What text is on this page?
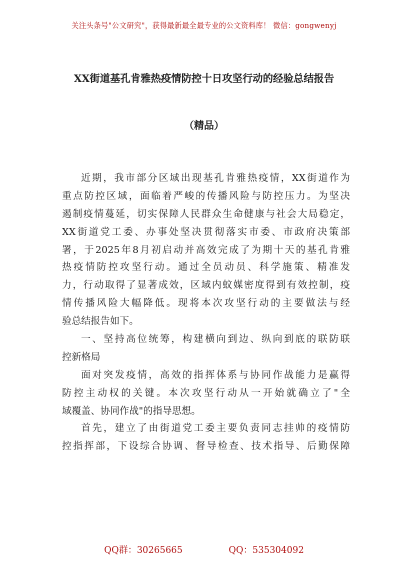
关注头条号"公文研究"，获得最新最全最专业的公文资料库！ 微信：gongwenyj
XX街道基孔肯雅热疫情防控十日攻坚行动的经验总结报告
（精品）
近期，我市部分区域出现基孔肯雅热疫情，XX街道作为
重点防控区域，面临着严峻的传播风险与防控压力。为坚决
遏制疫情蔓延，切实保障人民群众生命健康与社会大局稳定，
XX街道党工委、办事处坚决贯彻落实市委、市政府决策部
署，于2025年8月初启动并高效完成了为期十天的基孔肯雅
热疫情防控攻坚行动。通过全员动员、科学施策、精准发
力，行动取得了显著成效，区域内蚊媒密度得到有效控制，疫
情传播风险大幅降低。现将本次攻坚行动的主要做法与经
验总结报告如下。
一、坚持高位统筹，构建横向到边、纵向到底的联防联
控新格局
面对突发疫情，高效的指挥体系与协同作战能力是赢得
防控主动权的关键。本次攻坚行动从一开始就确立了"全
域覆盖、协同作战"的指导思想。
首先，建立了由街道党工委主要负责同志挂帅的疫情防
控指挥部，下设综合协调、督导检查、技术指导、后勤保障
QQ群：30265665	QQ：535304092
